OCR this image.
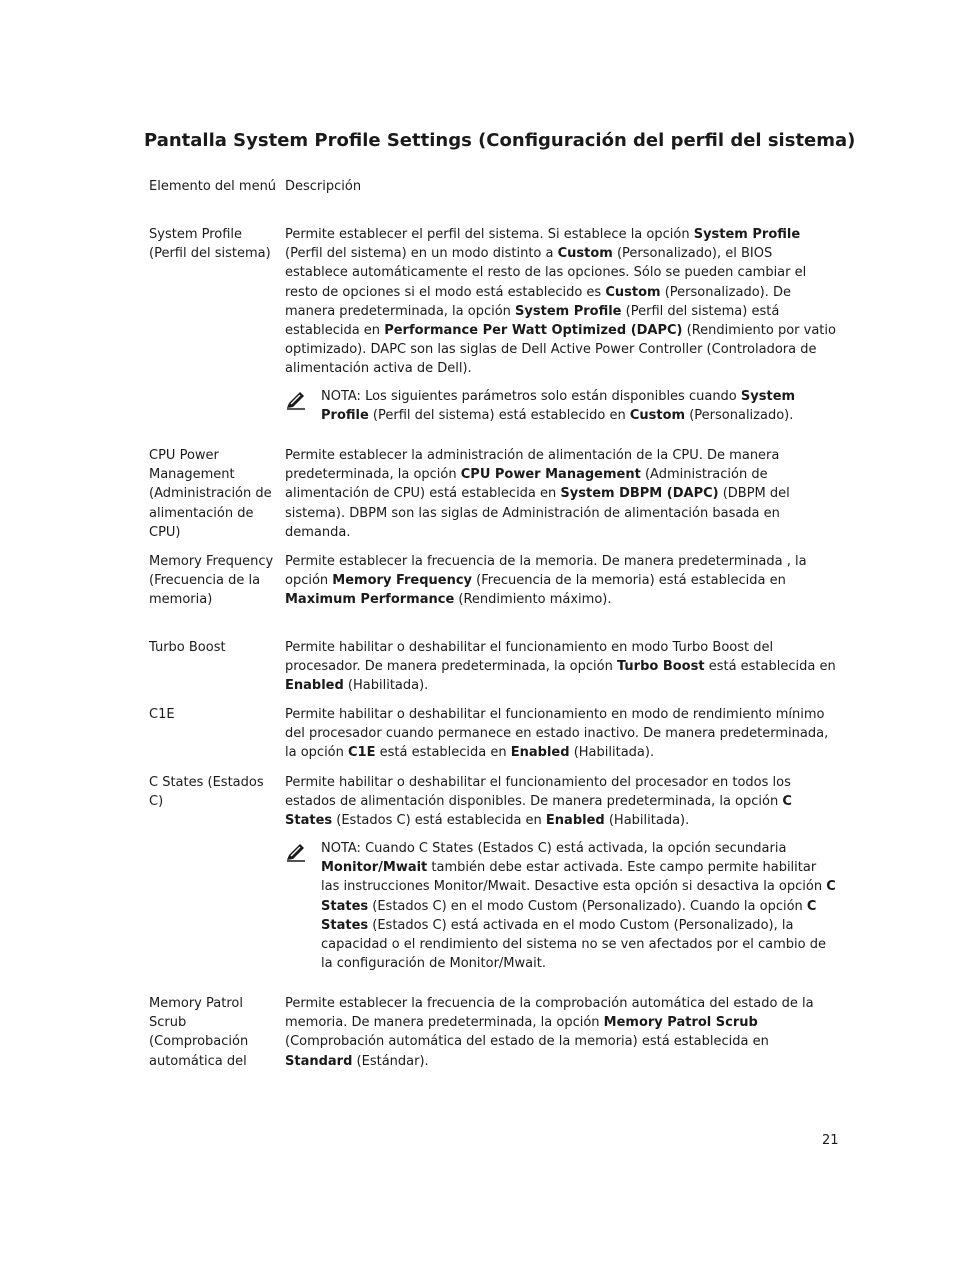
Pantalla System Profile Settings (Configuración del perfil del sistema)
Elemento del menú Descripción
System Profile (Perfil del sistema)
Permite establecer el perfil del sistema. Si establece la opción System Profile (Perfil del sistema) en un modo distinto a Custom (Personalizado), el BIOS establece automáticamente el resto de las opciones. Sólo se pueden cambiar el resto de opciones si el modo está establecido es Custom (Personalizado). De manera predeterminada, la opción System Profile (Perfil del sistema) está establecida en Performance Per Watt Optimized (DAPC) (Rendimiento por vatio optimizado). DAPC son las siglas de Dell Active Power Controller (Controladora de alimentación activa de Dell).
NOTA: Los siguientes parámetros solo están disponibles cuando System Profile (Perfil del sistema) está establecido en Custom (Personalizado).
CPU Power Management (Administración de alimentación de CPU)
Permite establecer la administración de alimentación de la CPU. De manera predeterminada, la opción CPU Power Management (Administración de alimentación de CPU) está establecida en System DBPM (DAPC) (DBPM del sistema). DBPM son las siglas de Administración de alimentación basada en demanda.
Memory Frequency (Frecuencia de la memoria)
Permite establecer la frecuencia de la memoria. De manera predeterminada , la opción Memory Frequency (Frecuencia de la memoria) está establecida en Maximum Performance (Rendimiento máximo).
Turbo Boost	Permite habilitar o deshabilitar el funcionamiento en modo Turbo Boost del procesador. De manera predeterminada, la opción Turbo Boost está establecida en Enabled (Habilitada).
C1E	Permite habilitar o deshabilitar el funcionamiento en modo de rendimiento mínimo del procesador cuando permanece en estado inactivo. De manera predeterminada, la opción C1E está establecida en Enabled (Habilitada).
C States (Estados C)
Permite habilitar o deshabilitar el funcionamiento del procesador en todos los estados de alimentación disponibles. De manera predeterminada, la opción C States (Estados C) está establecida en Enabled (Habilitada).
NOTA: Cuando C States (Estados C) está activada, la opción secundaria Monitor/Mwait también debe estar activada. Este campo permite habilitar las instrucciones Monitor/Mwait. Desactive esta opción si desactiva la opción C States (Estados C) en el modo Custom (Personalizado). Cuando la opción C States (Estados C) está activada en el modo Custom (Personalizado), la capacidad o el rendimiento del sistema no se ven afectados por el cambio de la configuración de Monitor/Mwait.
Memory Patrol Scrub (Comprobación automática del
Permite establecer la frecuencia de la comprobación automática del estado de la memoria. De manera predeterminada, la opción Memory Patrol Scrub (Comprobación automática del estado de la memoria) está establecida en Standard (Estándar).
21
